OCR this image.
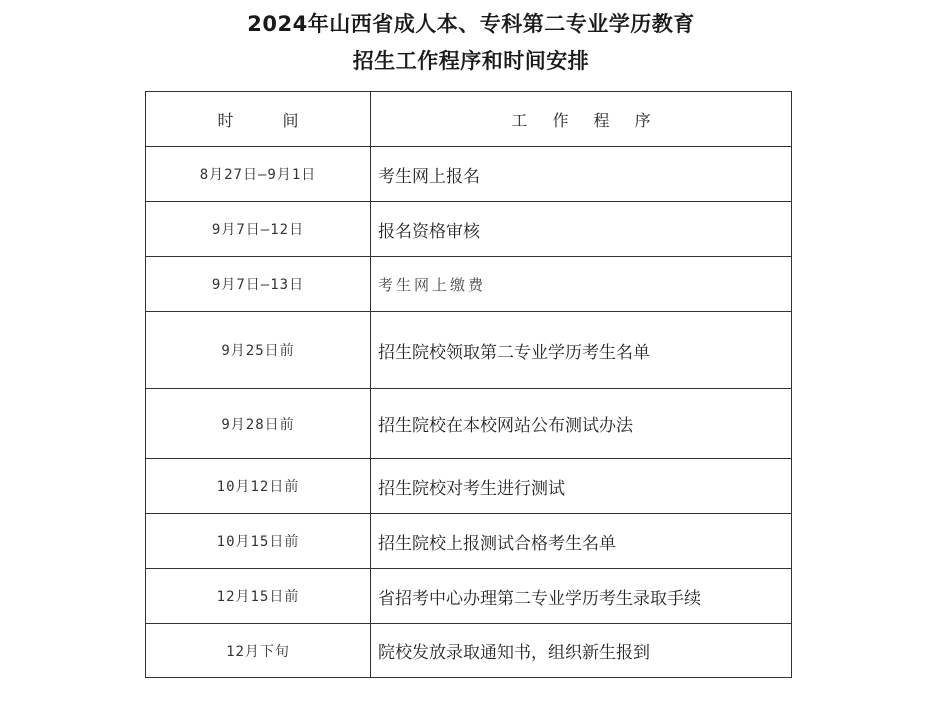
2024年山西省成人本、专科第二专业学历教育
招生工作程序和时间安排
时 间	工 作 程 序
8月27日—9月1日	考生网上报名
9月7日—12日	报名资格审核
9月7日—13日	考生网上缴费
9月25日前	招生院校领取第二专业学历考生名单
9月28日前	招生院校在本校网站公布测试办法
10月12日前	招生院校对考生进行测试
10月15日前	招生院校上报测试合格考生名单
12月15日前	省招考中心办理第二专业学历考生录取手续
12月下旬	院校发放录取通知书，组织新生报到
